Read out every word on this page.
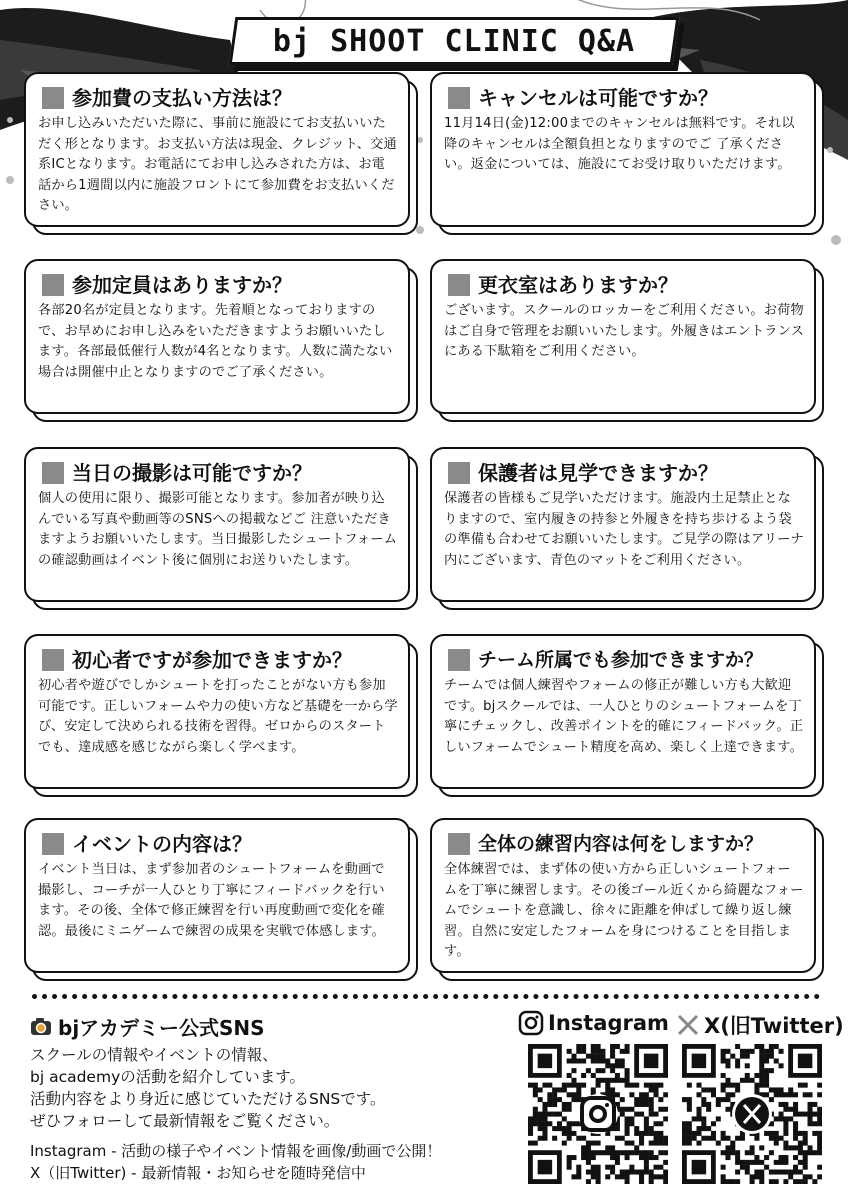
bj SHOOT CLINIC Q&A
参加費の支払い方法は？
お申し込みいただいた際に、事前に施設にてお支払いいただく形となります。お支払い方法は現金、クレジット、交通系ICとなります。お電話にてお申し込みされた方は、お電話から1週間以内に施設フロントにて参加費をお支払いください。
キャンセルは可能ですか？
11月14日(金)12:00までのキャンセルは無料です。それ以降のキャンセルは全額負担となりますのでご 了承ください。返金については、施設にてお受け取りいただけます。
参加定員はありますか？
各部20名が定員となります。先着順となっておりますので、お早めにお申し込みをいただきますようお願いいたします。各部最低催行人数が4名となります。人数に満たない場合は開催中止となりますのでご了承ください。
更衣室はありますか？
ございます。スクールのロッカーをご利用ください。お荷物はご自身で管理をお願いいたします。外履きはエントランスにある下駄箱をご利用ください。
当日の撮影は可能ですか？
個人の使用に限り、撮影可能となります。参加者が映り込んでいる写真や動画等のSNSへの掲載などご 注意いただきますようお願いいたします。当日撮影したシュートフォームの確認動画はイベント後に個別にお送りいたします。
保護者は見学できますか？
保護者の皆様もご見学いただけます。施設内土足禁止となりますので、室内履きの持参と外履きを持ち歩けるよう袋の準備も合わせてお願いいたします。ご見学の際はアリーナ内にございます、青色のマットをご利用ください。
初心者ですが参加できますか？
初心者や遊びでしかシュートを打ったことがない方も参加可能です。正しいフォームや力の使い方など基礎を一から学び、安定して決められる技術を習得。ゼロからのスタートでも、達成感を感じながら楽しく学べます。
チーム所属でも参加できますか？
チームでは個人練習やフォームの修正が難しい方も大歓迎です。bjスクールでは、一人ひとりのシュートフォームを丁寧にチェックし、改善ポイントを的確にフィードバック。正しいフォームでシュート精度を高め、楽しく上達できます。
イベントの内容は？
イベント当日は、まず参加者のシュートフォームを動画で撮影し、コーチが一人ひとり丁寧にフィードバックを行います。その後、全体で修正練習を行い再度動画で変化を確認。最後にミニゲームで練習の成果を実戦で体感します。
全体の練習内容は何をしますか？
全体練習では、まず体の使い方から正しいシュートフォームを丁寧に練習します。その後ゴール近くから綺麗なフォームでシュートを意識し、徐々に距離を伸ばして繰り返し練習。自然に安定したフォームを身につけることを目指します。
bjアカデミー公式SNS
スクールの情報やイベントの情報、
bj academyの活動を紹介しています。
活動内容をより身近に感じていただけるSNSです。
ぜひフォローして最新情報をご覧ください。
Instagram - 活動の様子やイベント情報を画像/動画で公開！
X（旧Twitter) - 最新情報・お知らせを随時発信中
Instagram X(旧Twitter)
